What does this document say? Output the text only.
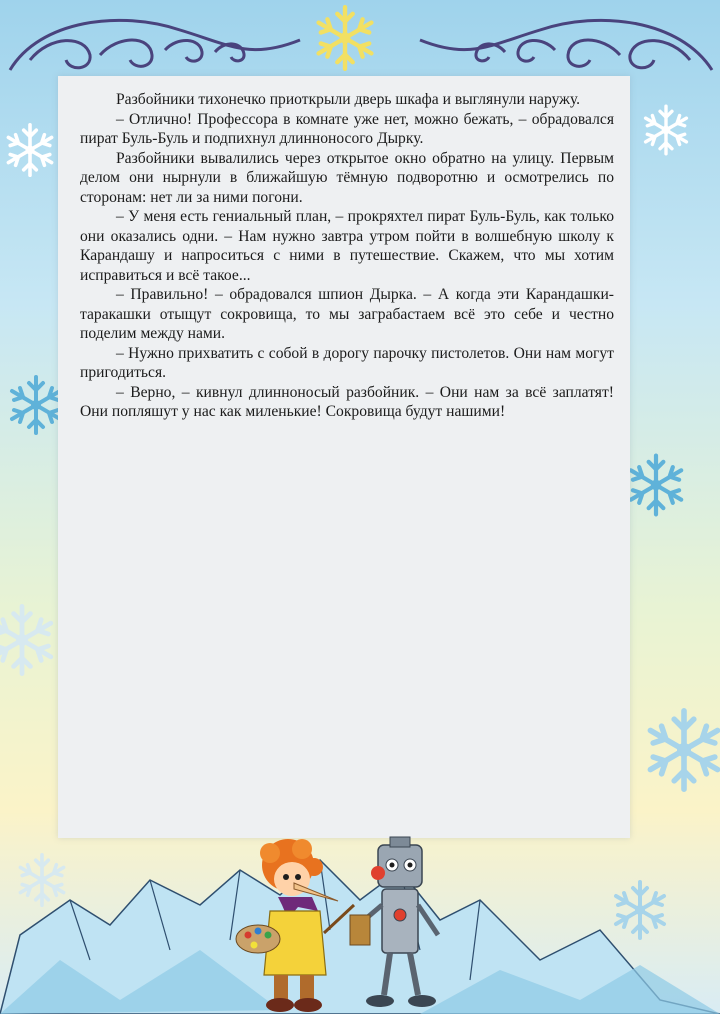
Разбойники тихонечко приоткрыли дверь шкафа и выглянули наружу.

– Отлично! Профессора в комнате уже нет, можно бежать, – обрадовался пират Буль-Буль и подпихнул длинноносого Дырку.

Разбойники вывалились через открытое окно обратно на улицу. Первым делом они нырнули в ближайшую тёмную подворотню и осмотрелись по сторонам: нет ли за ними погони.

– У меня есть гениальный план, – прокряхтел пират Буль-Буль, как только они оказались одни. – Нам нужно завтра утром пойти в волшебную школу к Карандашу и напроситься с ними в путешествие. Скажем, что мы хотим исправиться и всё такое...

– Правильно! – обрадовался шпион Дырка. – А когда эти Карандашки-таракашки отыщут сокровища, то мы заграбастаем всё это себе и честно поделим между нами.

– Нужно прихватить с собой в дорогу парочку пистолетов. Они нам могут пригодиться.

– Верно, – кивнул длинноносый разбойник. – Они нам за всё заплатят! Они попляшут у нас как миленькие! Сокровища будут нашими!
